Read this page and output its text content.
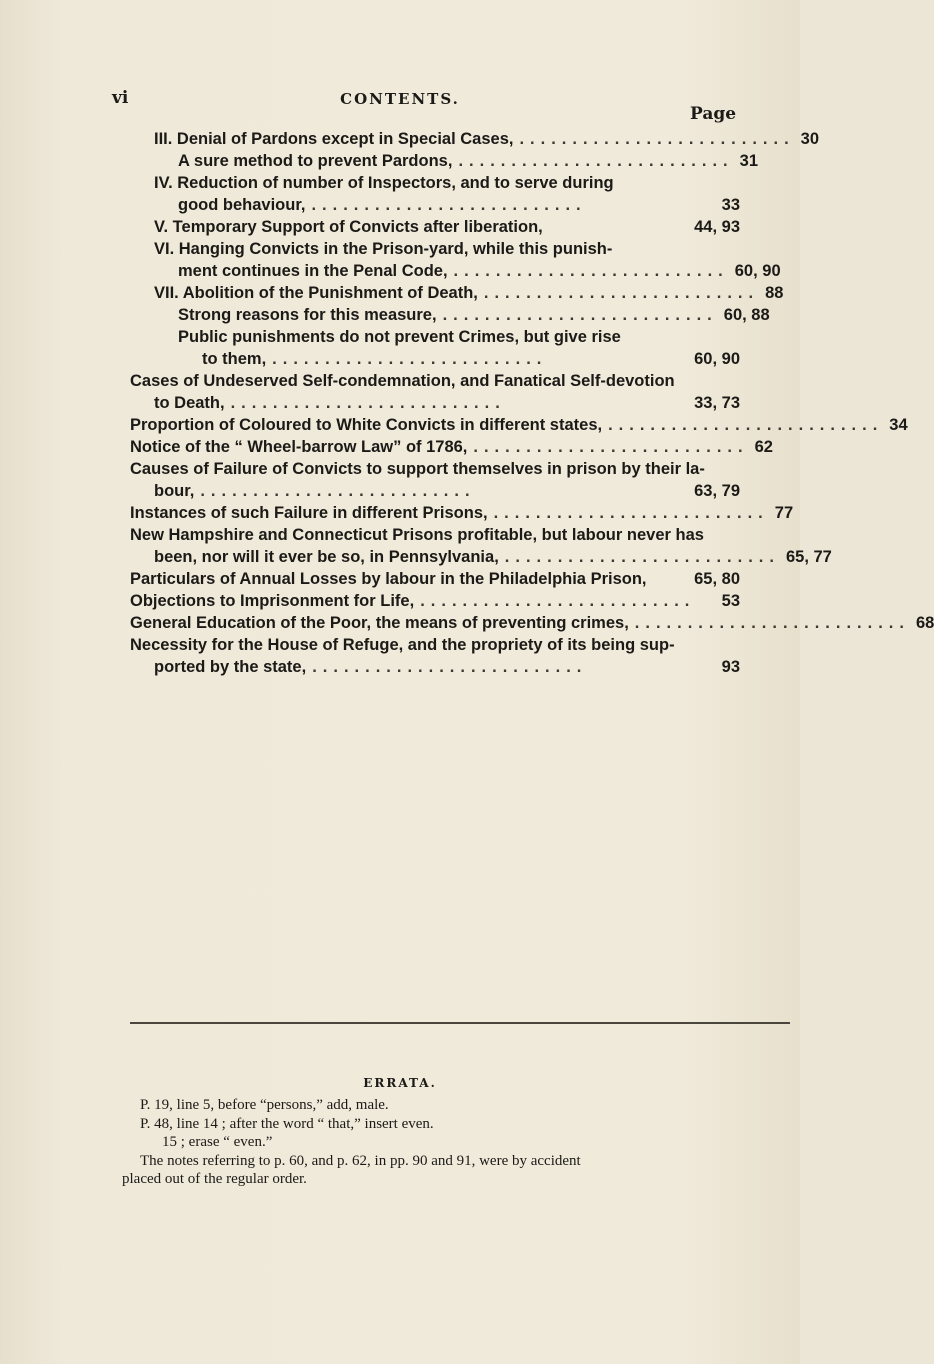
vi	CONTENTS.
Page
III. Denial of Pardons except in Special Cases, .......................... 30
A sure method to prevent Pardons, .......................... 31
IV. Reduction of number of Inspectors, and to serve during
good behaviour, ..........................	33
V. Temporary Support of Convicts after liberation,	44, 93
VI. Hanging Convicts in the Prison-yard, while this punish-
ment continues in the Penal Code, .......................... 60, 90
VII. Abolition of the Punishment of Death, .......................... 88
Strong reasons for this measure, .......................... 60, 88
Public punishments do not prevent Crimes, but give rise
to them, ..........................	60, 90
Cases of Undeserved Self-condemnation, and Fanatical Self-devotion
to Death, ..........................	33, 73
Proportion of Coloured to White Convicts in different states, .......................... 34
Notice of the “ Wheel-barrow Law” of 1786, .......................... 62
Causes of Failure of Convicts to support themselves in prison by their la-
bour, ..........................	63, 79
Instances of such Failure in different Prisons, .......................... 77
New Hampshire and Connecticut Prisons profitable, but labour never has
been, nor will it ever be so, in Pennsylvania, .......................... 65, 77
Particulars of Annual Losses by labour in the Philadelphia Prison,	65, 80
Objections to Imprisonment for Life, ..........................	53
General Education of the Poor, the means of preventing crimes, .......................... 68
Necessity for the House of Refuge, and the propriety of its being sup-
ported by the state, ..........................	93
ERRATA.
P. 19, line 5, before “persons,” add, male.
P. 48, line 14 ; after the word “ that,” insert even.
15 ; erase “ even.”
The notes referring to p. 60, and p. 62, in pp. 90 and 91, were by accident
placed out of the regular order.
